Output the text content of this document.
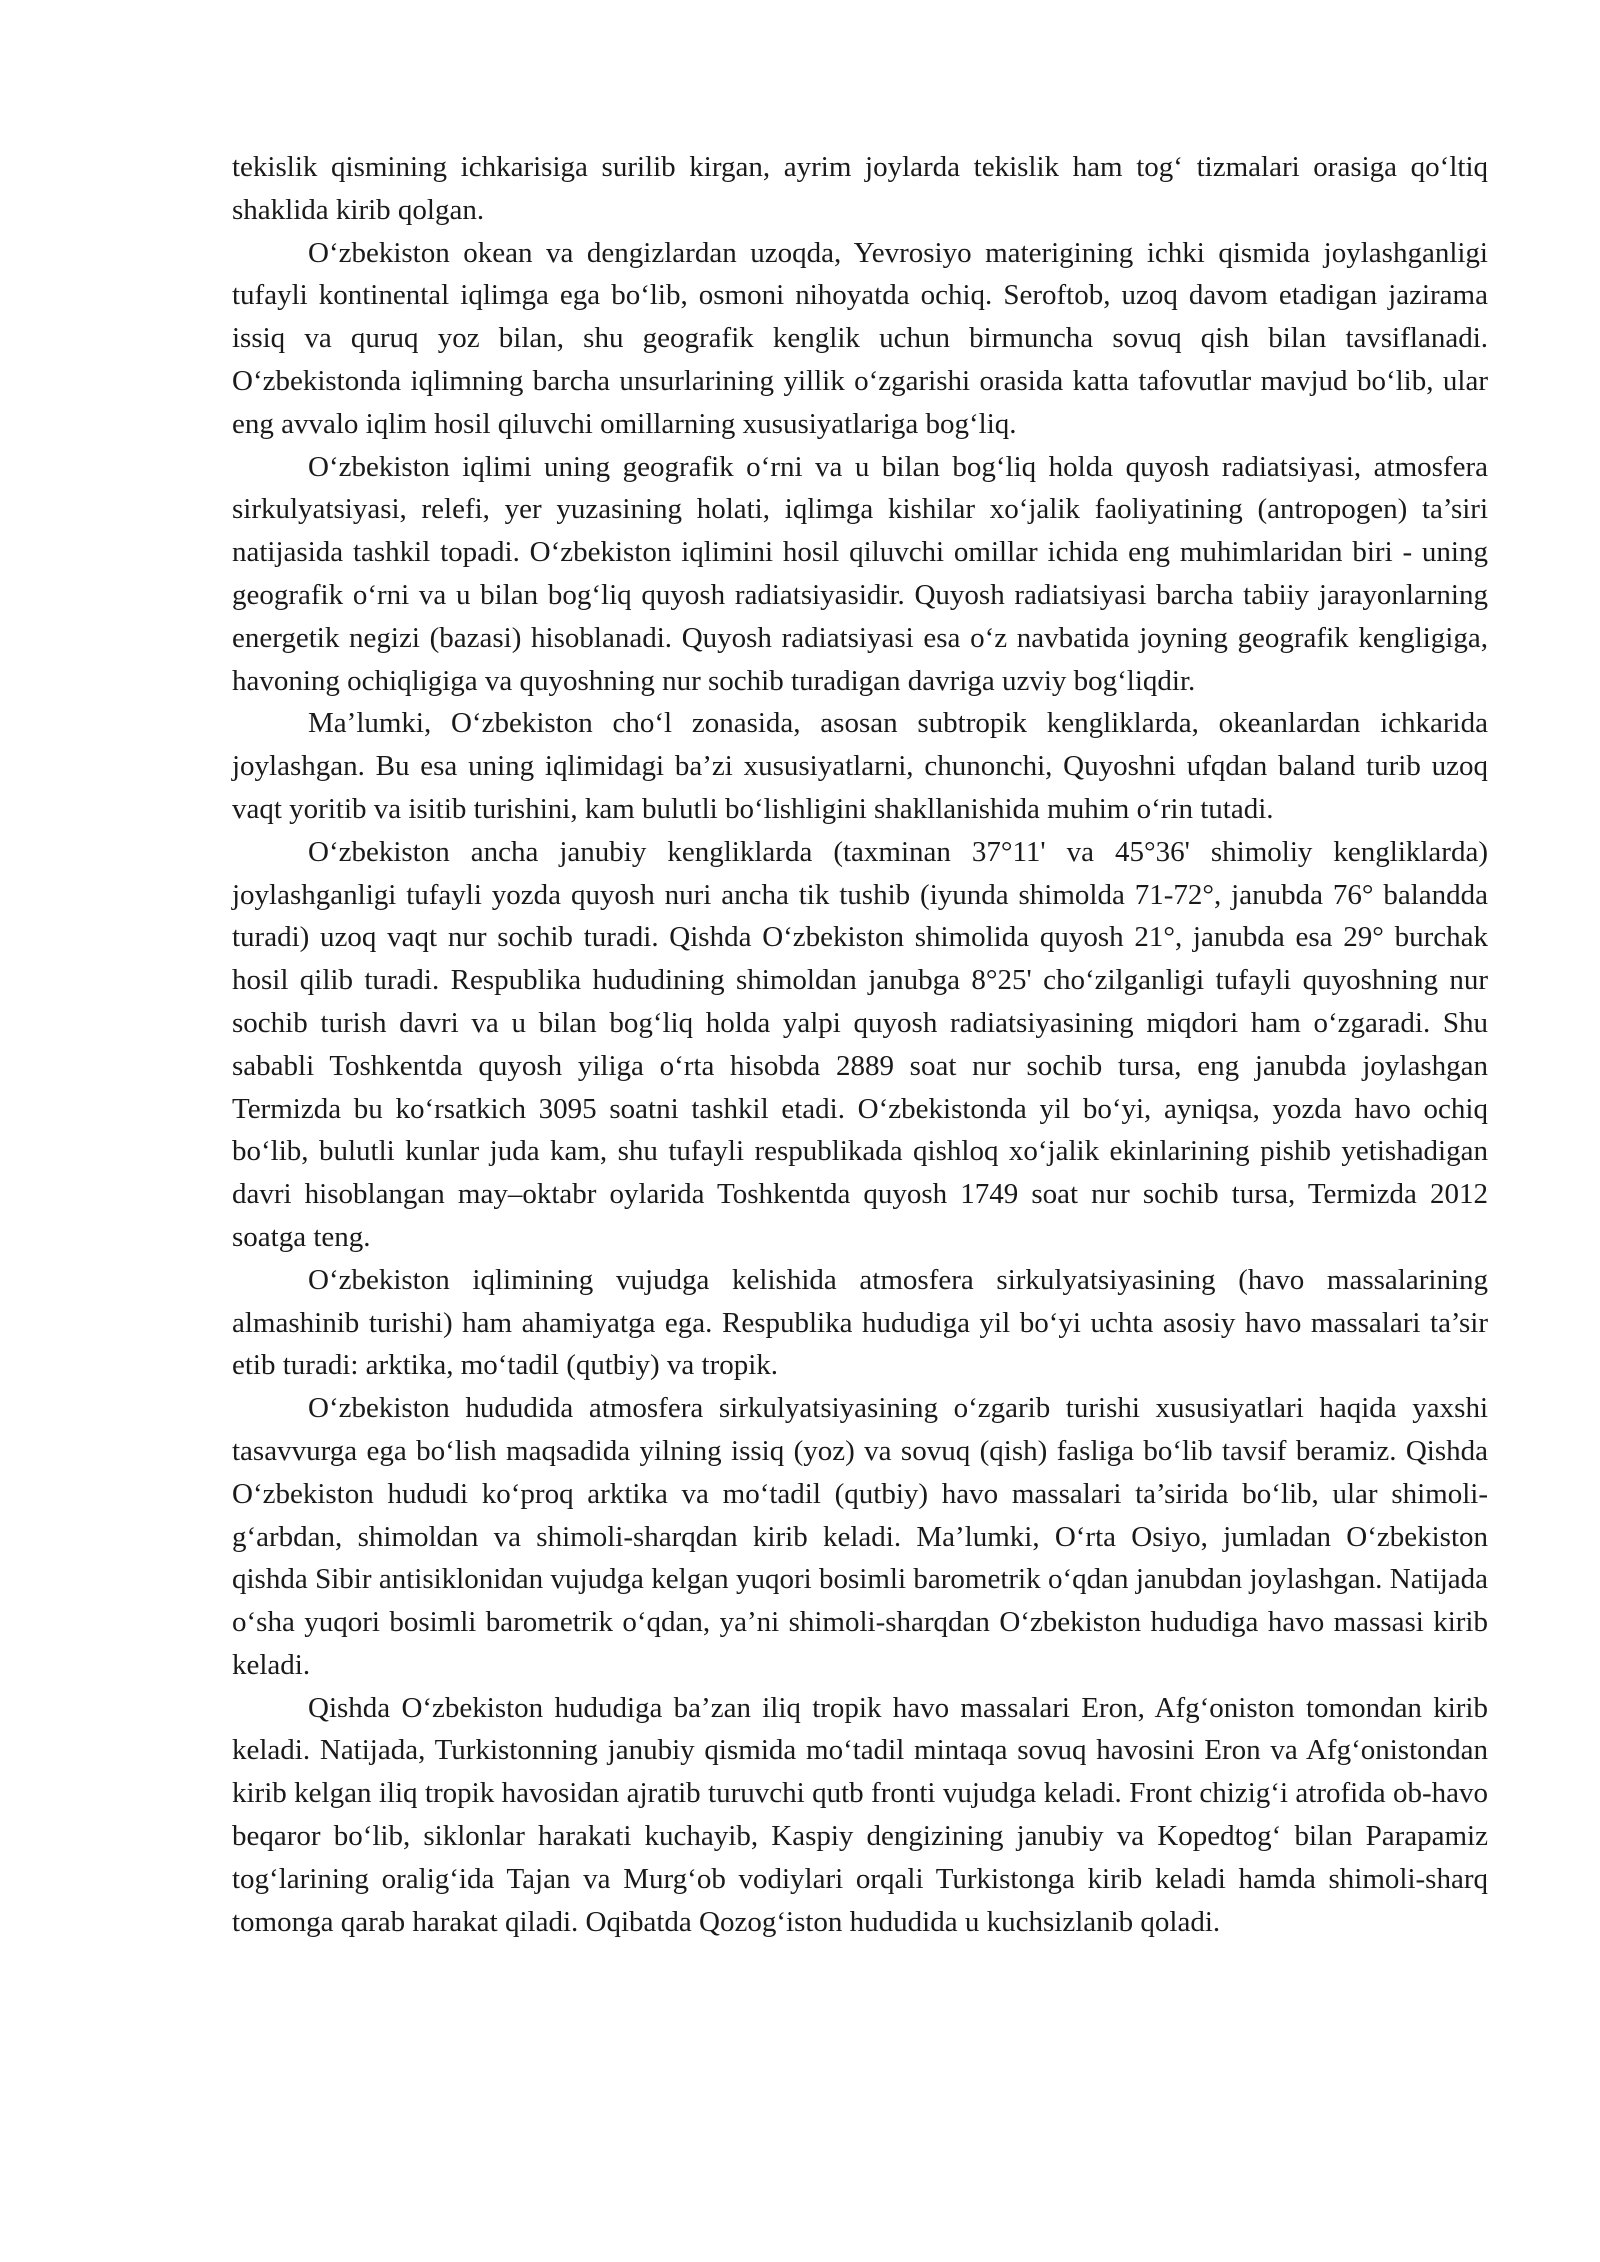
tekislik qismining ichkarisiga surilib kirgan, ayrim joylarda tekislik ham tog‘ tizmalari orasiga qo‘ltiq shaklida kirib qolgan.

O‘zbekiston okean va dengizlardan uzoqda, Yevrosiyo materigining ichki qismida joylashganligi tufayli kontinental iqlimga ega bo‘lib, osmoni nihoyatda ochiq. Seroftob, uzoq davom etadigan jazirama issiq va quruq yoz bilan, shu geografik kenglik uchun birmuncha sovuq qish bilan tavsiflanadi. O‘zbekistonda iqlimning barcha unsurlarining yillik o‘zgarishi orasida katta tafovutlar mavjud bo‘lib, ular eng avvalo iqlim hosil qiluvchi omillarning xususiyatlariga bog‘liq.

O‘zbekiston iqlimi uning geografik o‘rni va u bilan bog‘liq holda quyosh radiatsiyasi, atmosfera sirkulyatsiyasi, relefi, yer yuzasining holati, iqlimga kishilar xo‘jalik faoliyatining (antropogen) ta’siri natijasida tashkil topadi. O‘zbekiston iqlimini hosil qiluvchi omillar ichida eng muhimlaridan biri - uning geografik o‘rni va u bilan bog‘liq quyosh radiatsiyasidir. Quyosh radiatsiyasi barcha tabiiy jarayonlarning energetik negizi (bazasi) hisoblanadi. Quyosh radiatsiyasi esa o‘z navbatida joyning geografik kengligiga, havoning ochiqligiga va quyoshning nur sochib turadigan davriga uzviy bog‘liqdir.

Ma’lumki, O‘zbekiston cho‘l zonasida, asosan subtropik kengliklarda, okeanlardan ichkarida joylashgan. Bu esa uning iqlimidagi ba’zi xususiyatlarni, chunonchi, Quyoshni ufqdan baland turib uzoq vaqt yoritib va isitib turishini, kam bulutli bo‘lishligini shakllanishida muhim o‘rin tutadi.

O‘zbekiston ancha janubiy kengliklarda (taxminan 37°11' va 45°36' shimoliy kengliklarda) joylashganligi tufayli yozda quyosh nuri ancha tik tushib (iyunda shimolda 71-72°, janubda 76° balandda turadi) uzoq vaqt nur sochib turadi. Qishda O‘zbekiston shimolida quyosh 21°, janubda esa 29° burchak hosil qilib turadi. Respublika hududining shimoldan janubga 8°25' cho‘zilganligi tufayli quyoshning nur sochib turish davri va u bilan bog‘liq holda yalpi quyosh radiatsiyasining miqdori ham o‘zgaradi. Shu sababli Toshkentda quyosh yiliga o‘rta hisobda 2889 soat nur sochib tursa, eng janubda joylashgan Termizda bu ko‘rsatkich 3095 soatni tashkil etadi. O‘zbekistonda yil bo‘yi, ayniqsa, yozda havo ochiq bo‘lib, bulutli kunlar juda kam, shu tufayli respublikada qishloq xo‘jalik ekinlarining pishib yetishadigan davri hisoblangan may–oktabr oylarida Toshkentda quyosh 1749 soat nur sochib tursa, Termizda 2012 soatga teng.

O‘zbekiston iqlimining vujudga kelishida atmosfera sirkulyatsiyasining (havo massalarining almashinib turishi) ham ahamiyatga ega. Respublika hududiga yil bo‘yi uchta asosiy havo massalari ta’sir etib turadi: arktika, mo‘tadil (qutbiy) va tropik.

O‘zbekiston hududida atmosfera sirkulyatsiyasining o‘zgarib turishi xususiyatlari haqida yaxshi tasavvurga ega bo‘lish maqsadida yilning issiq (yoz) va sovuq (qish) fasliga bo‘lib tavsif beramiz. Qishda O‘zbekiston hududi ko‘proq arktika va mo‘tadil (qutbiy) havo massalari ta’sirida bo‘lib, ular shimoli-g‘arbdan, shimoldan va shimoli-sharqdan kirib keladi. Ma’lumki, O‘rta Osiyo, jumladan O‘zbekiston qishda Sibir antisiklonidan vujudga kelgan yuqori bosimli barometrik o‘qdan janubdan joylashgan. Natijada o‘sha yuqori bosimli barometrik o‘qdan, ya’ni shimoli-sharqdan O‘zbekiston hududiga havo massasi kirib keladi.

Qishda O‘zbekiston hududiga ba’zan iliq tropik havo massalari Eron, Afg‘oniston tomondan kirib keladi. Natijada, Turkistonning janubiy qismida mo‘tadil mintaqa sovuq havosini Eron va Afg‘onistondan kirib kelgan iliq tropik havosidan ajratib turuvchi qutb fronti vujudga keladi. Front chizig‘i atrofida ob-havo beqaror bo‘lib, siklonlar harakati kuchayib, Kaspiy dengizining janubiy va Kopedtog‘ bilan Parapamiz tog‘larining oralig‘ida Tajan va Murg‘ob vodiylari orqali Turkistonga kirib keladi hamda shimoli-sharq tomonga qarab harakat qiladi. Oqibatda Qozog‘iston hududida u kuchsizlanib qoladi.
